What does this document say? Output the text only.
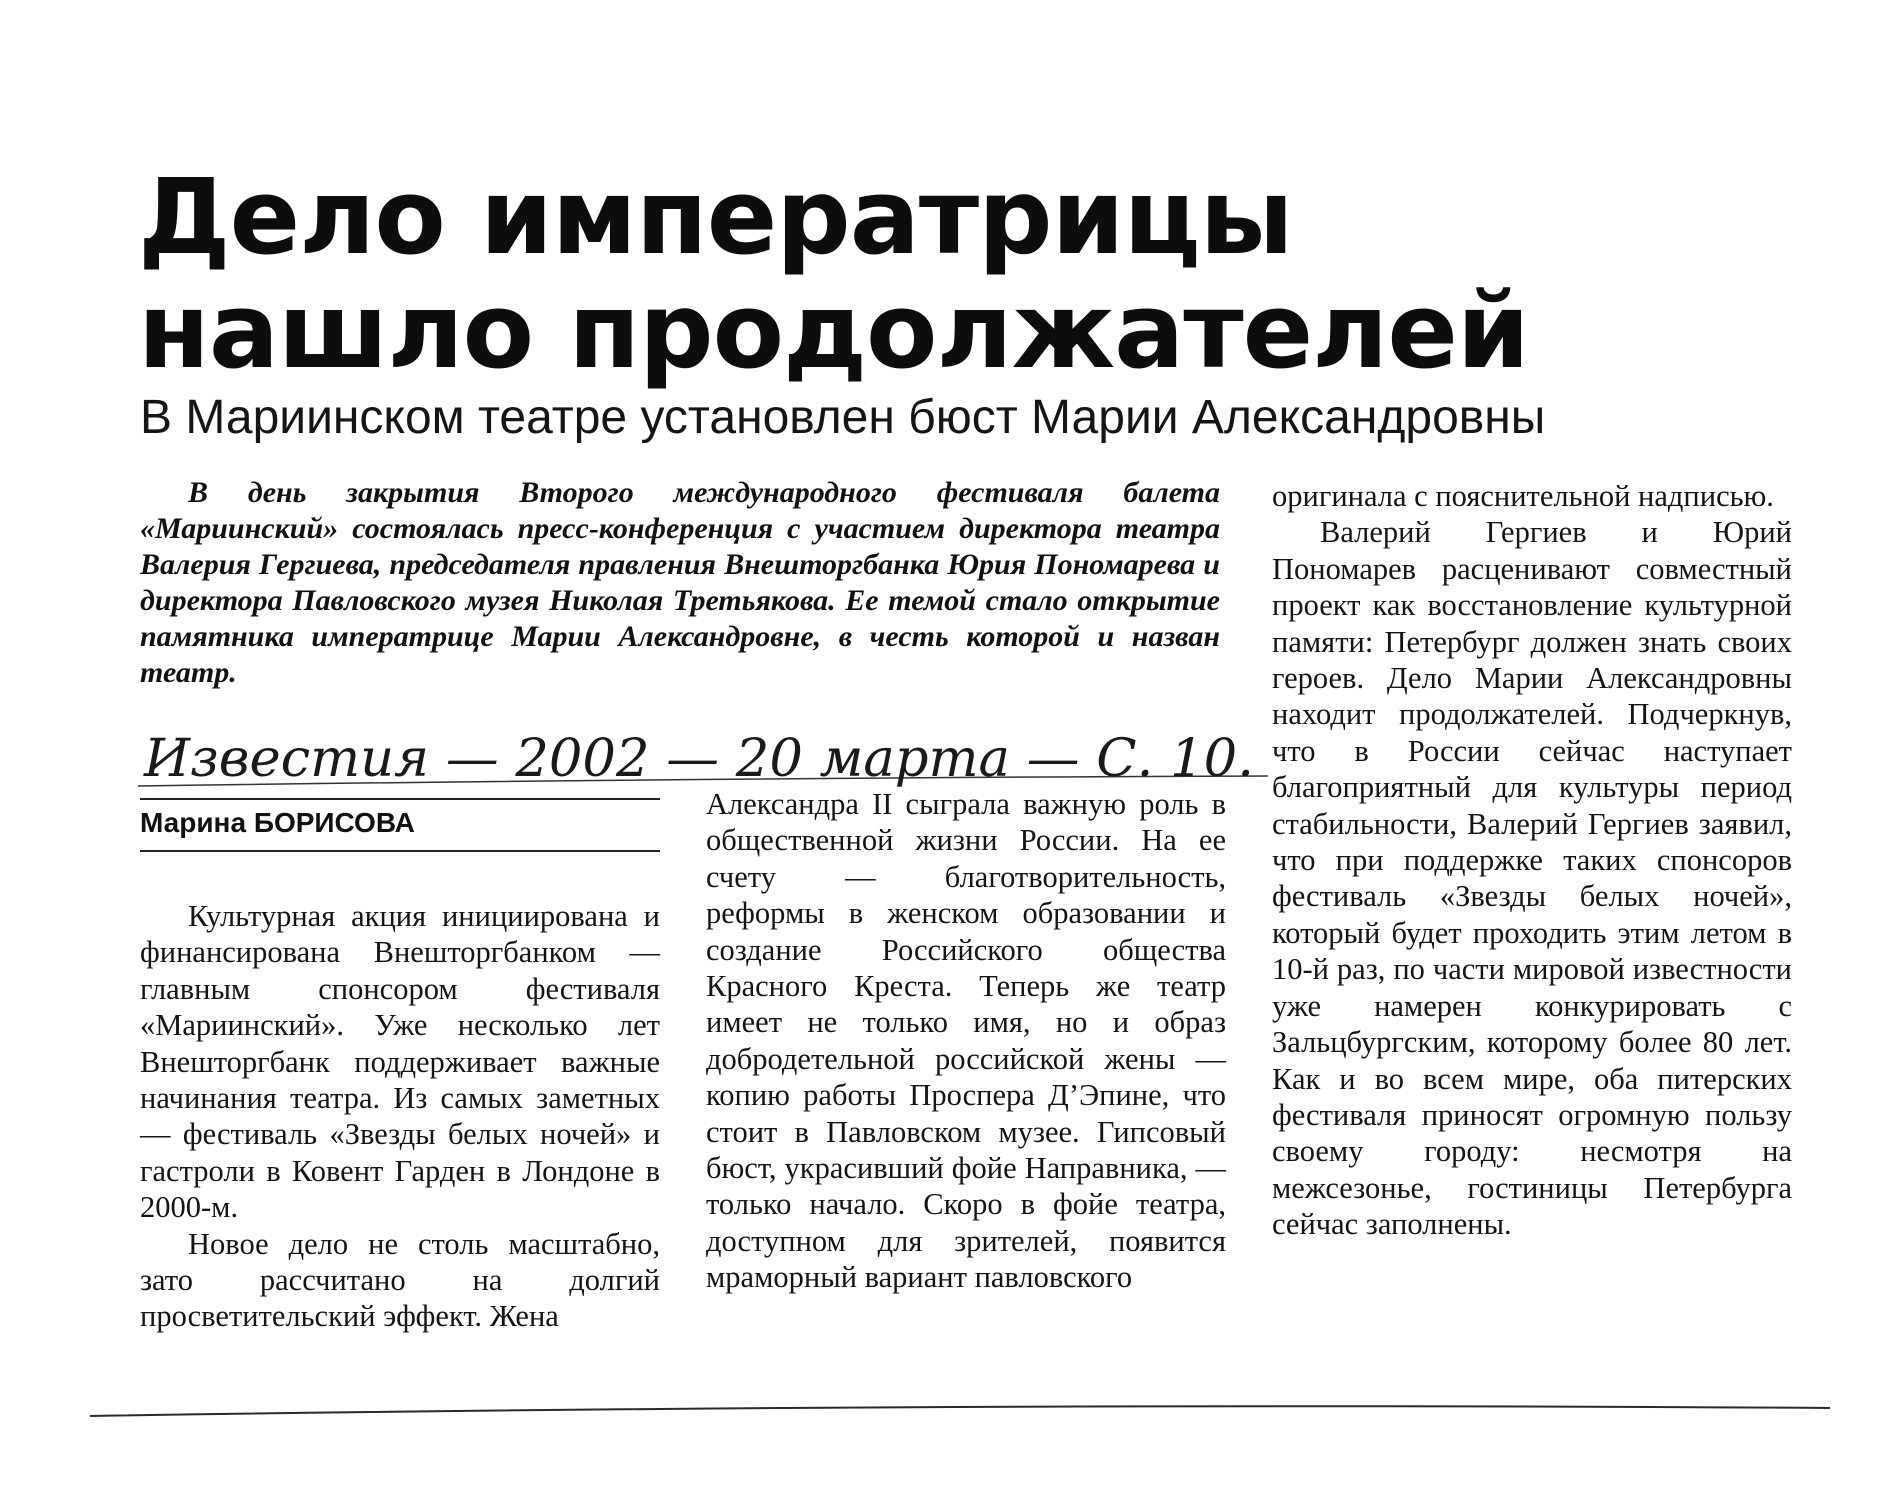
Дело императрицы
нашло продолжателей
В Мариинском театре установлен бюст Марии Александровны

В день закрытия Второго международного фестиваля балета «Мариинский» состоялась пресс-конференция с участием директора театра Валерия Гергиева, председателя правления Внешторгбанка Юрия Пономарева и директора Павловского музея Николая Третьякова. Ее темой стало открытие памятника императрице Марии Александровне, в честь которой и назван театр.

Известия — 2002 — 20 марта — С. 10.
Марина БОРИСОВА

Культурная акция инициирована и финансирована Внешторгбанком — главным спонсором фестиваля «Мариинский». Уже несколько лет Внешторгбанк поддерживает важные начинания театра. Из самых заметных — фестиваль «Звезды белых ночей» и гастроли в Ковент Гарден в Лондоне в 2000-м.

Новое дело не столь масштабно, зато рассчитано на долгий просветительский эффект. Жена

Александра II сыграла важную роль в общественной жизни России. На ее счету — благотворительность, реформы в женском образовании и создание Российского общества Красного Креста. Теперь же театр имеет не только имя, но и образ добродетельной российской жены — копию работы Проспера Д’Эпине, что стоит в Павловском музее. Гипсовый бюст, украсивший фойе Направника, — только начало. Скоро в фойе театра, доступном для зрителей, появится мраморный вариант павловского

оригинала с пояснительной надписью.

Валерий Гергиев и Юрий Пономарев расценивают совместный проект как восстановление культурной памяти: Петербург должен знать своих героев. Дело Марии Александровны находит продолжателей. Подчеркнув, что в России сейчас наступает благоприятный для культуры период стабильности, Валерий Гергиев заявил, что при поддержке таких спонсоров фестиваль «Звезды белых ночей», который будет проходить этим летом в 10-й раз, по части мировой известности уже намерен конкурировать с Зальцбургским, которому более 80 лет. Как и во всем мире, оба питерских фестиваля приносят огромную пользу своему городу: несмотря на межсезонье, гостиницы Петербурга сейчас заполнены.
